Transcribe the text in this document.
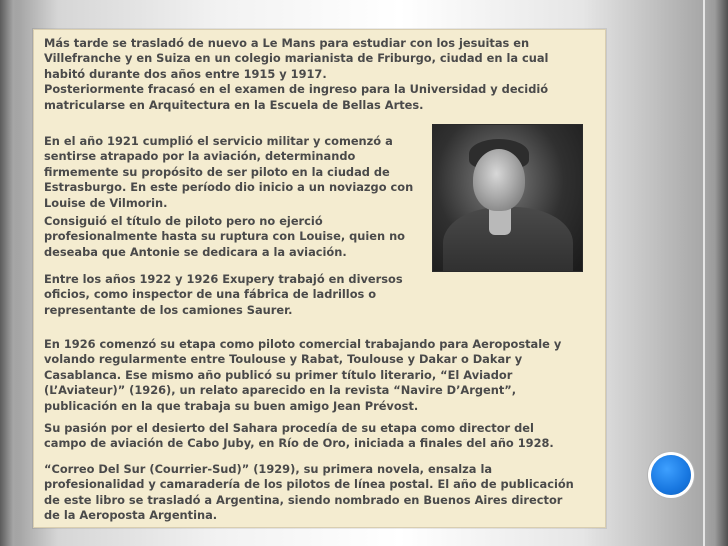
Más tarde se trasladó de nuevo a Le Mans para estudiar con los jesuitas en
Villefranche y en Suiza en un colegio marianista de Friburgo, ciudad en la cual
habitó durante dos años entre 1915 y 1917.
Posteriormente fracasó en el examen de ingreso para la Universidad y decidió
matricularse en Arquitectura en la Escuela de Bellas Artes.

En el año 1921 cumplió el servicio militar y comenzó a
sentirse atrapado por la aviación, determinando
firmemente su propósito de ser piloto en la ciudad de
Estrasburgo. En este período dio inicio a un noviazgo con
Louise de Vilmorin.

Consiguió el título de piloto pero no ejerció
profesionalmente hasta su ruptura con Louise, quien no
deseaba que Antonie se dedicara a la aviación.

Entre los años 1922 y 1926 Exupery trabajó en diversos
oficios, como inspector de una fábrica de ladrillos o
representante de los camiones Saurer.

En 1926 comenzó su etapa como piloto comercial trabajando para Aeropostale y
volando regularmente entre Toulouse y Rabat, Toulouse y Dakar o Dakar y
Casablanca. Ese mismo año publicó su primer título literario, “El Aviador
(L’Aviateur)” (1926), un relato aparecido en la revista “Navire D’Argent”,
publicación en la que trabaja su buen amigo Jean Prévost.

Su pasión por el desierto del Sahara procedía de su etapa como director del
campo de aviación de Cabo Juby, en Río de Oro, iniciada a finales del año 1928.

“Correo Del Sur (Courrier-Sud)” (1929), su primera novela, ensalza la
profesionalidad y camaradería de los pilotos de línea postal. El año de publicación
de este libro se trasladó a Argentina, siendo nombrado en Buenos Aires director
de la Aeroposta Argentina.
